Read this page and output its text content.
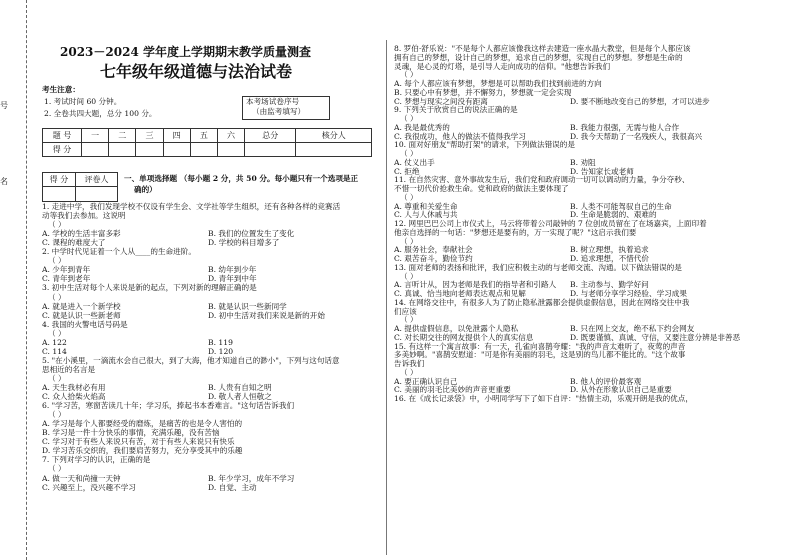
号
名
2023－2024 学年度上学期期末教学质量测查
七年级年级道德与法治试卷
考生注意：
1. 考试时间 60 分钟。
2. 全卷共四大题，总分 100 分。
本考场试卷序号
（由监考填写）
题 号	一	二	三	四	五	六	总分	核分人
得 分								
得 分	评卷人
	一、单项选择题 （每小题 2 分，共 50 分。每小题只有一个选项是正
确的）
1. 走进中学，我们发现学校不仅设有学生会、文学社等学生组织，还有各种各样的竞赛活
动等我们去参加。这说明
（ ）
A. 学校的生活丰富多彩	B. 我们的位置发生了变化
C. 课程的难度大了	D. 学校的科目增多了
2. 中学时代见证着一个人从____的生命进阶。
（ ）
A. 少年到青年	B. 幼年到少年
C. 青年到老年	D. 青年到中年
3. 初中生活对每个人来说是新的起点，下列对新的理解正确的是
（ ）
A. 就是进入一个新学校	B. 就是认识一些新同学
C. 就是认识一些新老师	D. 初中生活对我们来说是新的开始
4. 我国的火警电话号码是
（ ）
A. 122	B. 119
C. 114	D. 120
5. "在小溪里，一滴流水会自己很大，到了大海，他才知道自己的渺小"，下列与这句话意
思相近的名言是
（ ）
A. 天生我材必有用	B. 人贵有自知之明
C. 众人拾柴火焰高	D. 敬人者人恒敬之
6. "学习苦，寒窗苦读几十年；学习乐，捧起书本香难言。"这句话告诉我们
（ ）
A. 学习是每个人都要经受的磨炼，是痛苦的也是令人害怕的
B. 学习是一件十分快乐的事情，充满乐趣，没有苦恼
C. 学习对于有些人来说只有苦，对于有些人来说只有快乐
D. 学习苦乐交织的，我们要肩苦努力，充分享受其中的乐趣
7. 下列对学习的认识，正确的是
（ ）
A. 做一天和尚撞一天钟	B. 年少学习，成年不学习
C. 兴趣至上，没兴趣不学习	D. 自觉、主动
8. 罗伯·舒乐说："不是每个人都应该像我这样去建造一座水晶大教堂，但是每个人都应该
拥有自己的梦想，设计自己的梦想，追求自己的梦想，实现自己的梦想。梦想是生命的
灵魂，是心灵的灯塔，是引导人走向成功的信仰。"他想告诉我们
（ ）
A. 每个人都应该有梦想，梦想是可以帮助我们找到前进的方向
B. 只要心中有梦想，并不懈努力，梦想就一定会实现
C. 梦想与现实之间没有距离	D. 要不断地改变自己的梦想，才可以进步
9. 下列关于欣赏自己的说法正确的是
（ ）
A. 我是最优秀的	B. 我能力很强，无需与他人合作
C. 我很成功，他人的做法不值得我学习	D. 我今天帮助了一名残疾人，我很高兴
10. 面对好朋友"帮助打架"的请求，下列做法错误的是
（ ）
A. 仗义出手	B. 劝阻
C. 拒绝	D. 告知家长或老师
11. 在自然灾害、意外事故发生后，我们党和政府调动一切可以调动的力量，争分夺秒、
不惜一切代价抢救生命。党和政府的做法主要体现了
（ ）
A. 尊重和关爱生命	B. 人类不可能驾驭自己的生命
C. 人与人休戚与共	D. 生命是脆弱的、艰难的
12. 网里巴巴公司上市仪式上，马云将带着公司敲钟的 7 位创成员留在了在场嘉宾，上面印着
他亲自选择的一句话："梦想还是要有的，万一实现了呢？"这启示我们要
（ ）
A. 服务社会，奉献社会	B. 树立理想，执着追求
C. 艰苦奋斗，勤俭节约	D. 追求理想，不惜代价
13. 面对老师的表扬和批评，我们应积极主动的与老师交流、沟通。以下做法错误的是
（ ）
A. 言听计从，因为老师是我们的指导者和引路人 B. 主动参与、勤学好问
C. 真诚、恰当地向老师表达观点和见解	D. 与老师分享学习经验、学习成果
14. 在网络交往中，有很多人为了防止隐私泄露都会提供虚假信息，因此在网络交往中我
们应该
（ ）
A. 提供虚假信息，以免泄露个人隐私	B. 只在网上交友，绝不私下约会网友
C. 对长期交往的网友提供个人的真实信息	D. 既要谨慎、真诚、守信，又要注意分辨是非善恶
15. 有这样一个寓言故事：有一天，孔雀向喜鹊夸耀："我的声音太难听了，夜莺的声音
多美妙啊。"喜鹊安慰道："可是你有美丽的羽毛，这是别的鸟儿都不能比的。"这个故事
告诉我们
（ ）
A. 要正确认识自己	B. 他人的评价最客观
C. 美丽的羽毛比美妙的声音更重要	D. 从外在形象认识自己是重要
16. 在《成长记录袋》中，小明同学写下了如下自评："热情主动，乐观开朗是我的优点，
